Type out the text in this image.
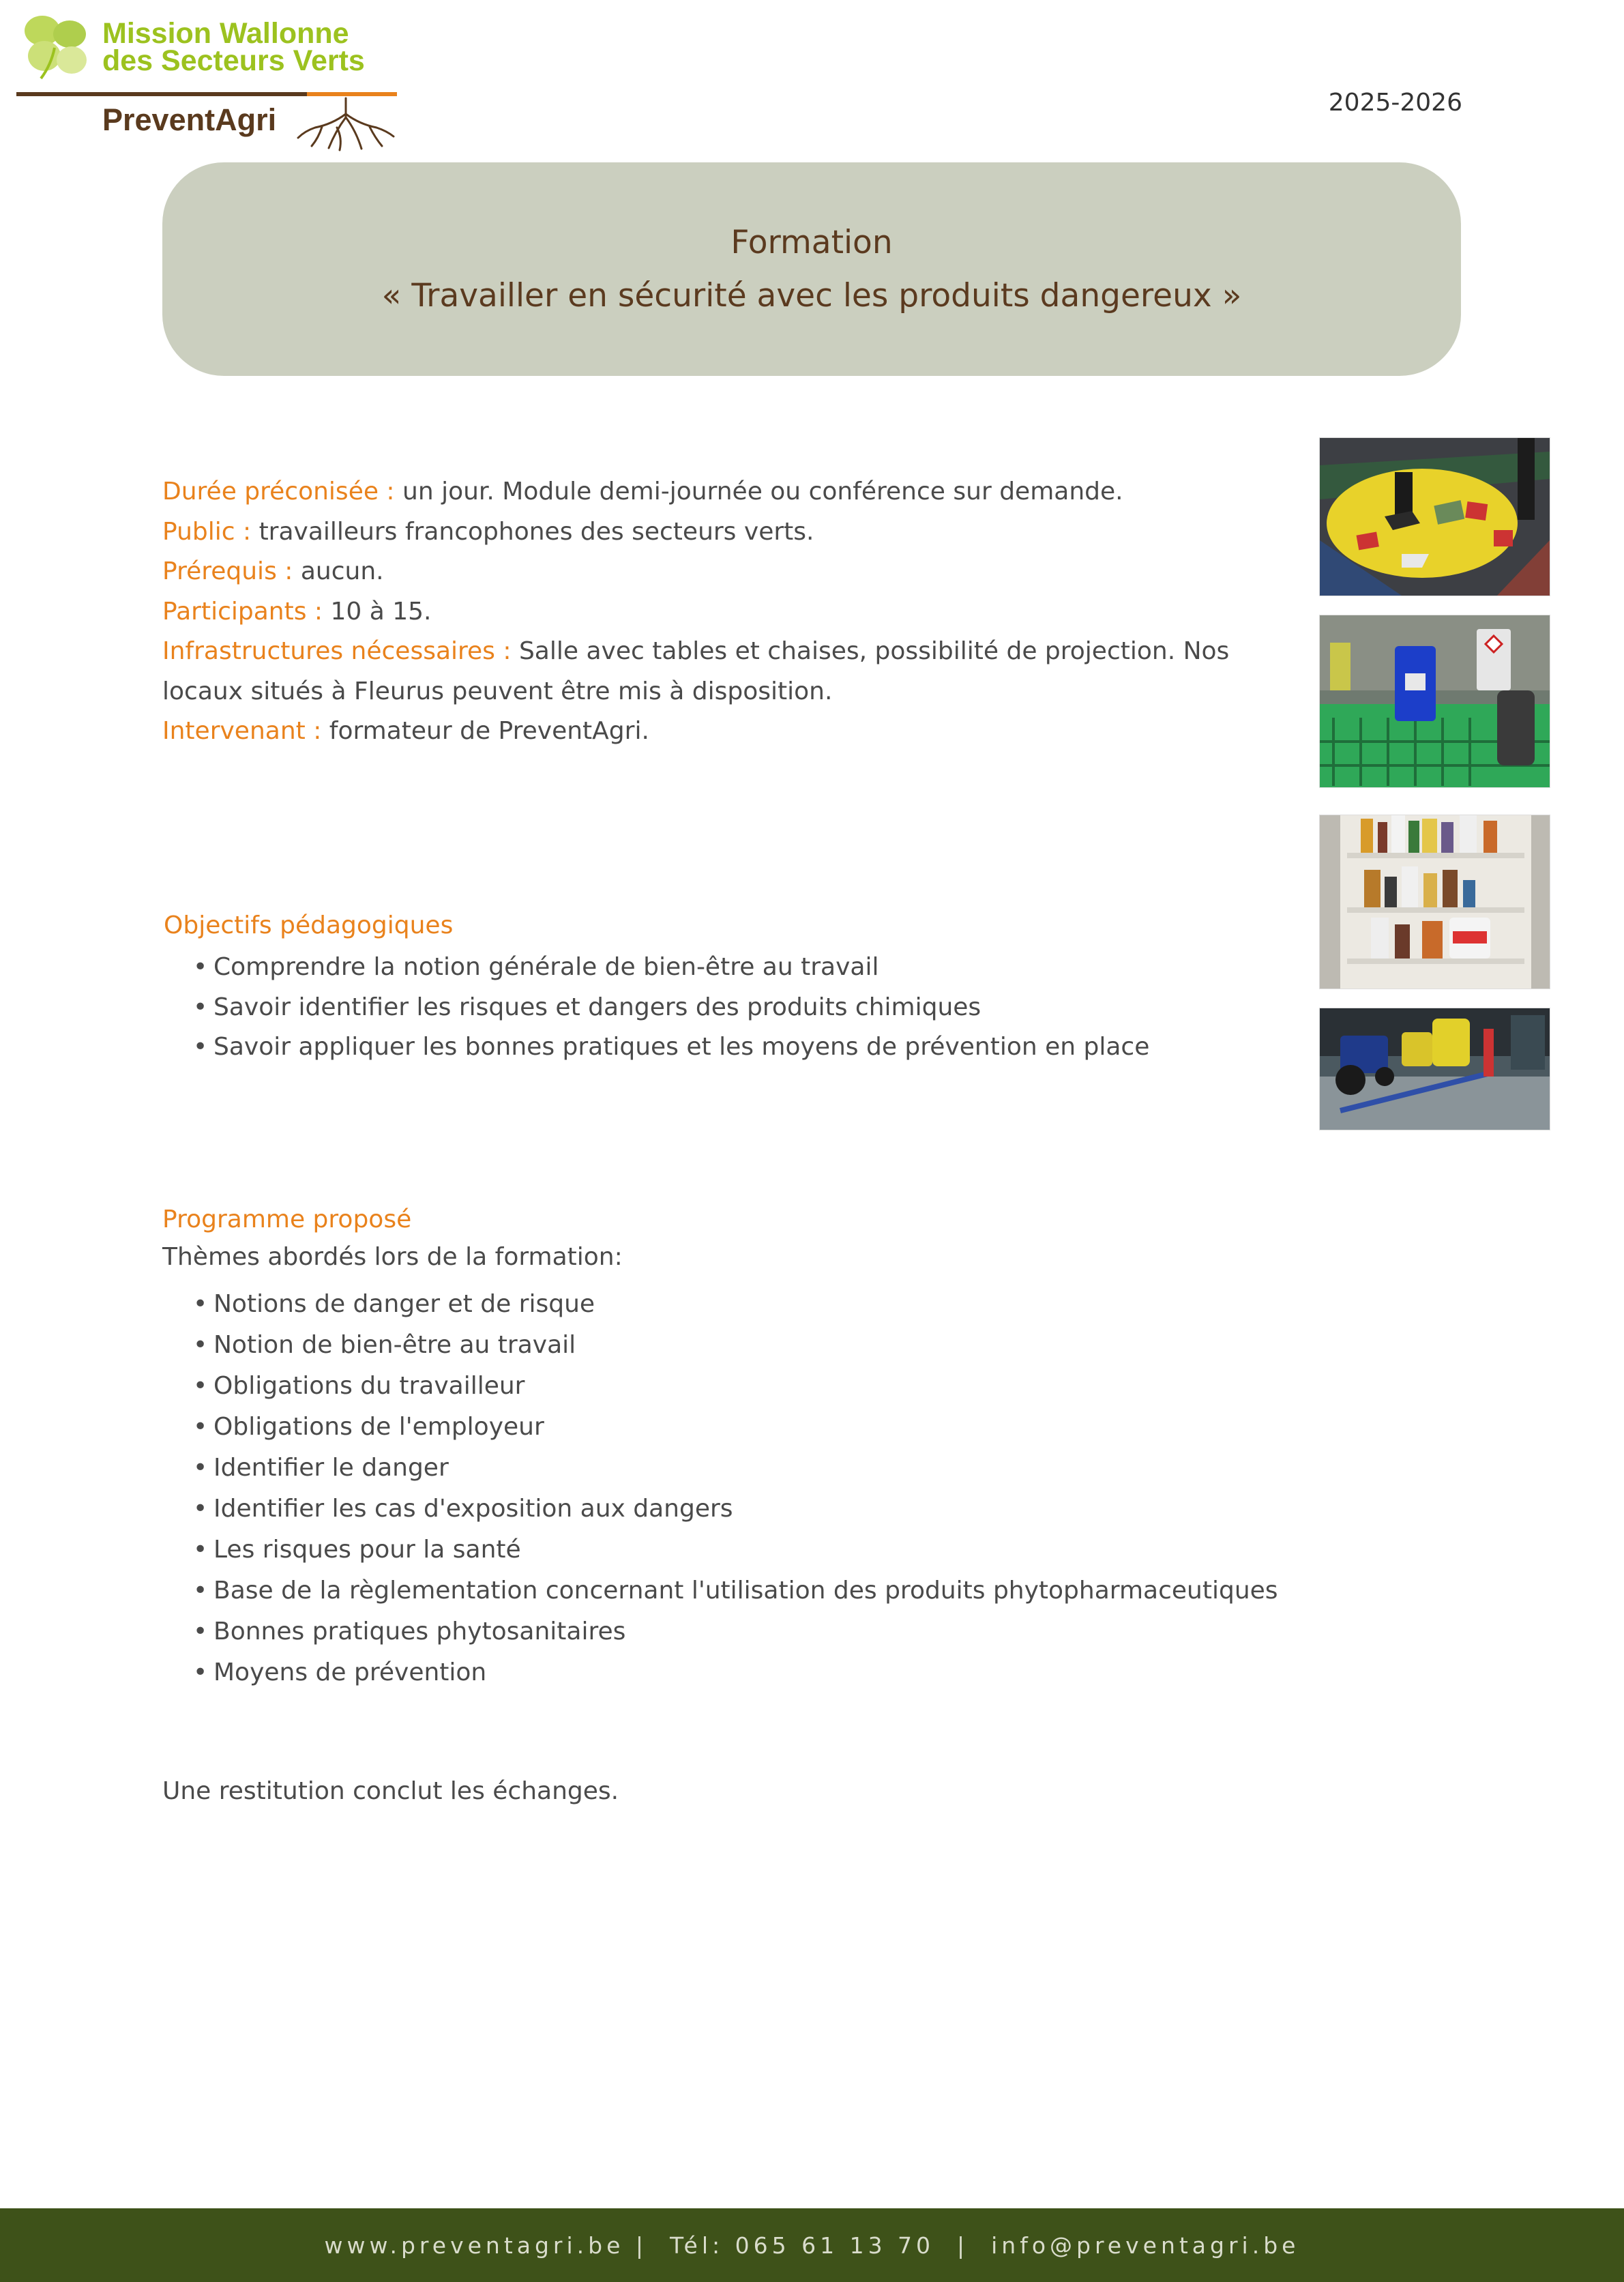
Mission Wallonne
des Secteurs Verts
PreventAgri	2025-2026
Formation
« Travailler en sécurité avec les produits dangereux »

Durée préconisée : un jour. Module demi-journée ou conférence sur demande.

Public : travailleurs francophones des secteurs verts.

Prérequis : aucun.

Participants : 10 à 15.

Infrastructures nécessaires : Salle avec tables et chaises, possibilité de projection. Nos locaux situés à Fleurus peuvent être mis à disposition.

Intervenant : formateur de PreventAgri.

Objectifs pédagogiques
• Comprendre la notion générale de bien-être au travail
• Savoir identifier les risques et dangers des produits chimiques
• Savoir appliquer les bonnes pratiques et les moyens de prévention en place
Programme proposé
Thèmes abordés lors de la formation:
• Notions de danger et de risque
• Notion de bien-être au travail
• Obligations du travailleur
• Obligations de l'employeur
• Identifier le danger
• Identifier les cas d'exposition aux dangers
• Les risques pour la santé
• Base de la règlementation concernant l'utilisation des produits phytopharmaceutiques
• Bonnes pratiques phytosanitaires
• Moyens de prévention
Une restitution conclut les échanges.
www.preventagri.be |  Tél: 065 61 13 70  |  info@preventagri.be
